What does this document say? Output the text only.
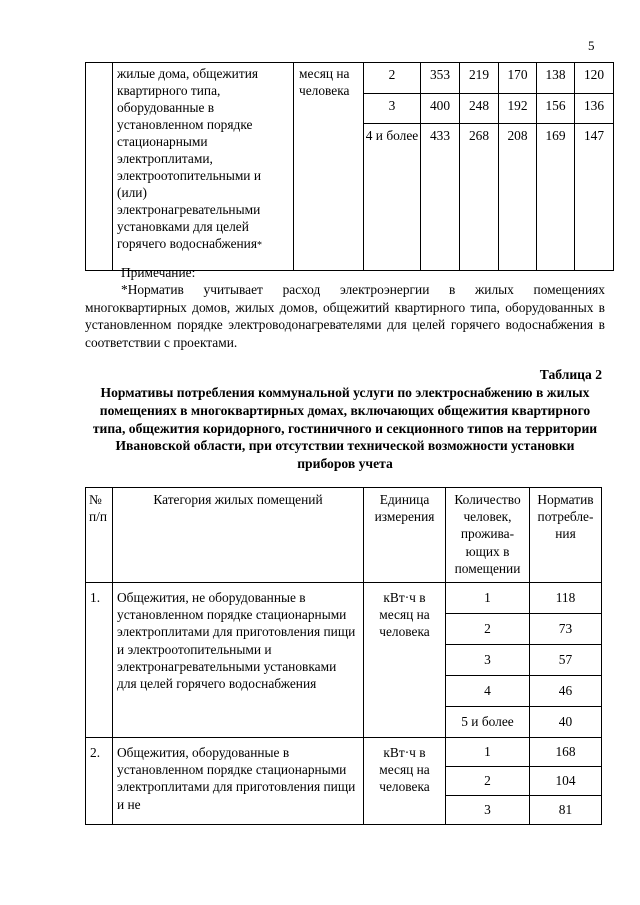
5
	жилые дома, общежития квартирного типа, оборудованные в установленном порядке стационарными электроплитами, электроотопительными и (или) электронагревательными установками для целей горячего водоснабжения*	месяц на человека	2	353	219	170	138	120
			3	400	248	192	156	136
			4 и более	433	268	208	169	147
Примечание:
*Норматив учитывает расход электроэнергии в жилых помещениях многоквартирных домов, жилых домов, общежитий квартирного типа, оборудованных в установленном порядке электроводонагревателями для целей горячего водоснабжения в соответствии с проектами.
Таблица 2
Нормативы потребления коммунальной услуги по электроснабжению в жилых помещениях в многоквартирных домах, включающих общежития квартирного типа, общежития коридорного, гостиничного и секционного типов на территории Ивановской области, при отсутствии технической возможности установки приборов учета
№ п/п	Категория жилых помещений	Единица измерения	Количество человек, прожива-ющих в помещении	Норматив потребле-ния
1.	Общежития, не оборудованные в установленном порядке стационарными электроплитами для приготовления пищи и электроотопительными и электронагревательными установками для целей горячего водоснабжения	кВт·ч в месяц на человека	1	118
			2	73
			3	57
			4	46
			5 и более	40
2.	Общежития, оборудованные в установленном порядке стационарными электроплитами для приготовления пищи и не	кВт·ч в месяц на человека	1	168
			2	104
			3	81
